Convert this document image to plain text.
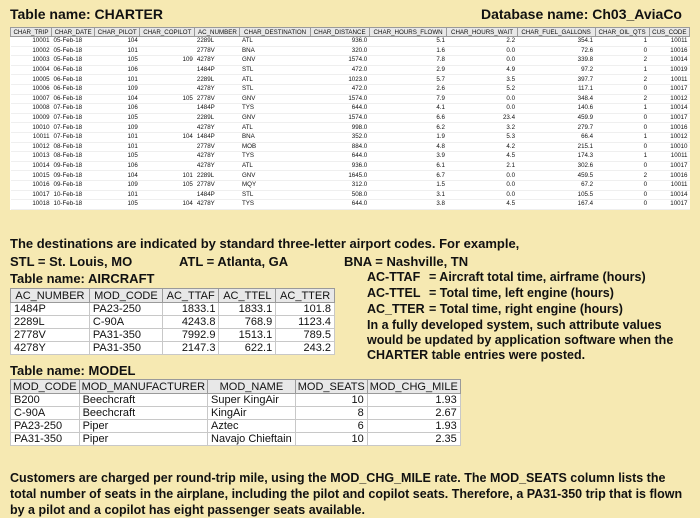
Table name: CHARTER	Database name: Ch03_AviaCo
CHAR_TRIP	CHAR_DATE	CHAR_PILOT	CHAR_COPILOT	AC_NUMBER	CHAR_DESTINATION	CHAR_DISTANCE	CHAR_HOURS_FLOWN	CHAR_HOURS_WAIT	CHAR_FUEL_GALLONS	CHAR_OIL_QTS	CUS_CODE
10001	05-Feb-18	104		2289L	ATL	936.0	5.1	2.2	354.1	1	10011
10002	05-Feb-18	101		2778V	BNA	320.0	1.6	0.0	72.6	0	10016
10003	05-Feb-18	105	109	4278Y	GNV	1574.0	7.8	0.0	339.8	2	10014
10004	06-Feb-18	106		1484P	STL	472.0	2.9	4.9	97.2	1	10019
10005	06-Feb-18	101		2289L	ATL	1023.0	5.7	3.5	397.7	2	10011
10006	06-Feb-18	109		4278Y	STL	472.0	2.6	5.2	117.1	0	10017
10007	06-Feb-18	104	105	2778V	GNV	1574.0	7.9	0.0	348.4	2	10012
10008	07-Feb-18	106		1484P	TYS	644.0	4.1	0.0	140.6	1	10014
10009	07-Feb-18	105		2289L	GNV	1574.0	6.6	23.4	459.9	0	10017
10010	07-Feb-18	109		4278Y	ATL	998.0	6.2	3.2	279.7	0	10016
10011	07-Feb-18	101	104	1484P	BNA	352.0	1.9	5.3	66.4	1	10012
10012	08-Feb-18	101		2778V	MOB	884.0	4.8	4.2	215.1	0	10010
10013	08-Feb-18	105		4278Y	TYS	644.0	3.9	4.5	174.3	1	10011
10014	09-Feb-18	106		4278Y	ATL	936.0	6.1	2.1	302.6	0	10017
10015	09-Feb-18	104	101	2289L	GNV	1645.0	6.7	0.0	459.5	2	10016
10016	09-Feb-18	109	105	2778V	MQY	312.0	1.5	0.0	67.2	0	10011
10017	10-Feb-18	101		1484P	STL	508.0	3.1	0.0	105.5	0	10014
10018	10-Feb-18	105	104	4278Y	TYS	644.0	3.8	4.5	167.4	0	10017
The destinations are indicated by standard three-letter airport codes. For example,
STL = St. Louis, MO	ATL = Atlanta, GA	BNA = Nashville, TN
Table name: AIRCRAFT
AC_NUMBER	MOD_CODE	AC_TTAF	AC_TTEL	AC_TTER
1484P	PA23-250	1833.1	1833.1	101.8
2289L	C-90A	4243.8	768.9	1123.4
2778V	PA31-350	7992.9	1513.1	789.5
4278Y	PA31-350	2147.3	622.1	243.2
AC-TTAF = Aircraft total time, airframe (hours)
AC-TTEL = Total time, left engine (hours)
AC_TTER = Total time, right engine (hours)
In a fully developed system, such attribute values would be updated by application software when the CHARTER table entries were posted.
Table name: MODEL
MOD_CODE	MOD_MANUFACTURER	MOD_NAME	MOD_SEATS	MOD_CHG_MILE
B200	Beechcraft	Super KingAir	10	1.93
C-90A	Beechcraft	KingAir	8	2.67
PA23-250	Piper	Aztec	6	1.93
PA31-350	Piper	Navajo Chieftain	10	2.35
Customers are charged per round-trip mile, using the MOD_CHG_MILE rate. The MOD_SEATS column lists the total number of seats in the airplane, including the pilot and copilot seats. Therefore, a PA31-350 trip that is flown by a pilot and a copilot has eight passenger seats available.
